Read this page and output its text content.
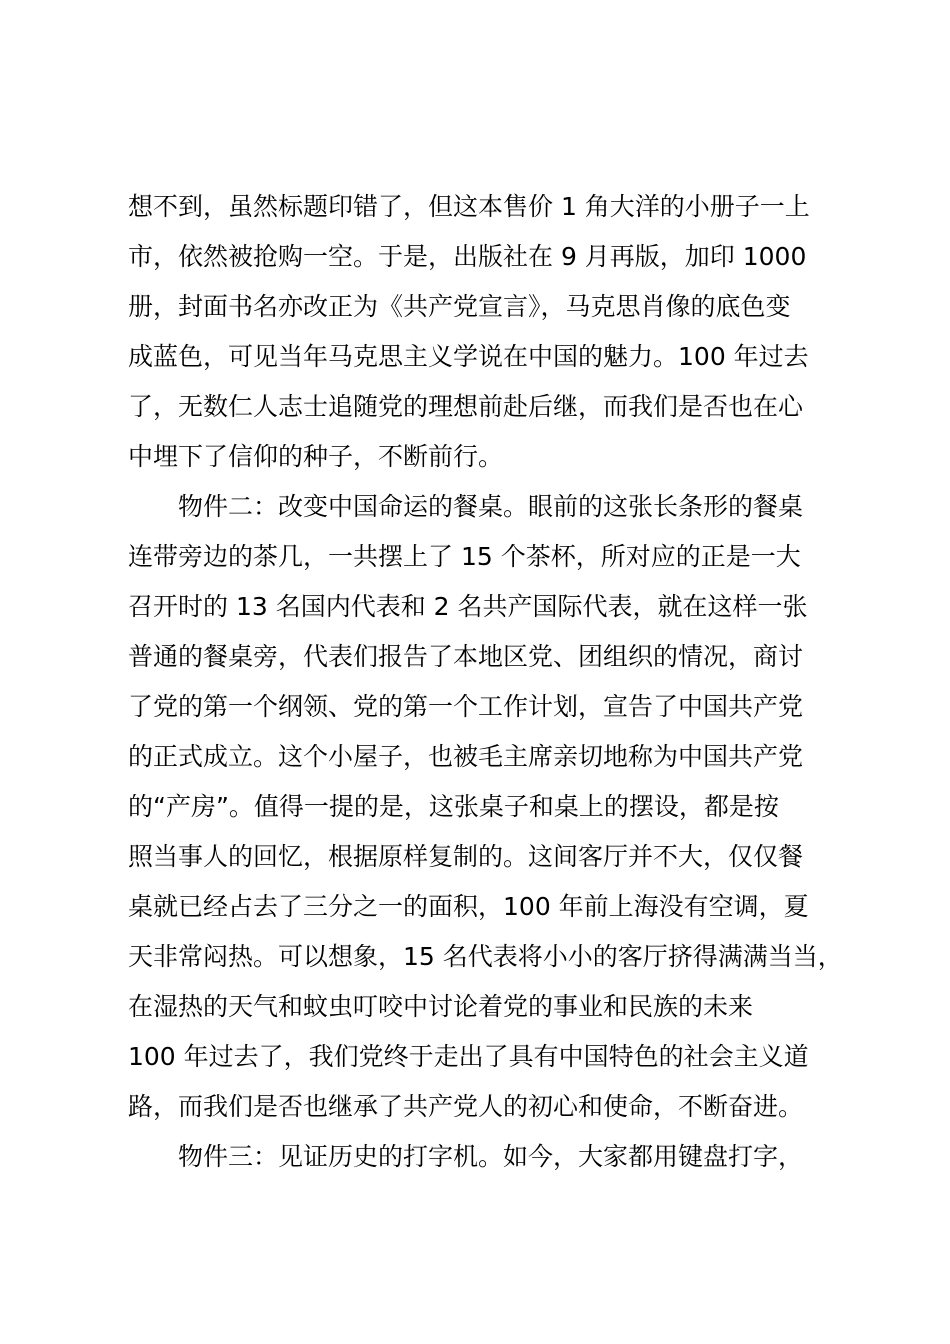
想不到，虽然标题印错了，但这本售价 1 角大洋的小册子一上

市，依然被抢购一空。于是，出版社在 9 月再版，加印 1000

册，封面书名亦改正为《共产党宣言》，马克思肖像的底色变

成蓝色，可见当年马克思主义学说在中国的魅力。100 年过去

了，无数仁人志士追随党的理想前赴后继，而我们是否也在心

中埋下了信仰的种子，不断前行。

物件二：改变中国命运的餐桌。眼前的这张长条形的餐桌

连带旁边的茶几，一共摆上了 15 个茶杯，所对应的正是一大

召开时的 13 名国内代表和 2 名共产国际代表，就在这样一张

普通的餐桌旁，代表们报告了本地区党、团组织的情况，商讨

了党的第一个纲领、党的第一个工作计划，宣告了中国共产党

的正式成立。这个小屋子，也被毛主席亲切地称为中国共产党

的“产房”。值得一提的是，这张桌子和桌上的摆设，都是按

照当事人的回忆，根据原样复制的。这间客厅并不大，仅仅餐

桌就已经占去了三分之一的面积，100 年前上海没有空调，夏

天非常闷热。可以想象，15 名代表将小小的客厅挤得满满当当，

在湿热的天气和蚊虫叮咬中讨论着党的事业和民族的未来

100 年过去了，我们党终于走出了具有中国特色的社会主义道

路，而我们是否也继承了共产党人的初心和使命，不断奋进。

物件三：见证历史的打字机。如今，大家都用键盘打字，
